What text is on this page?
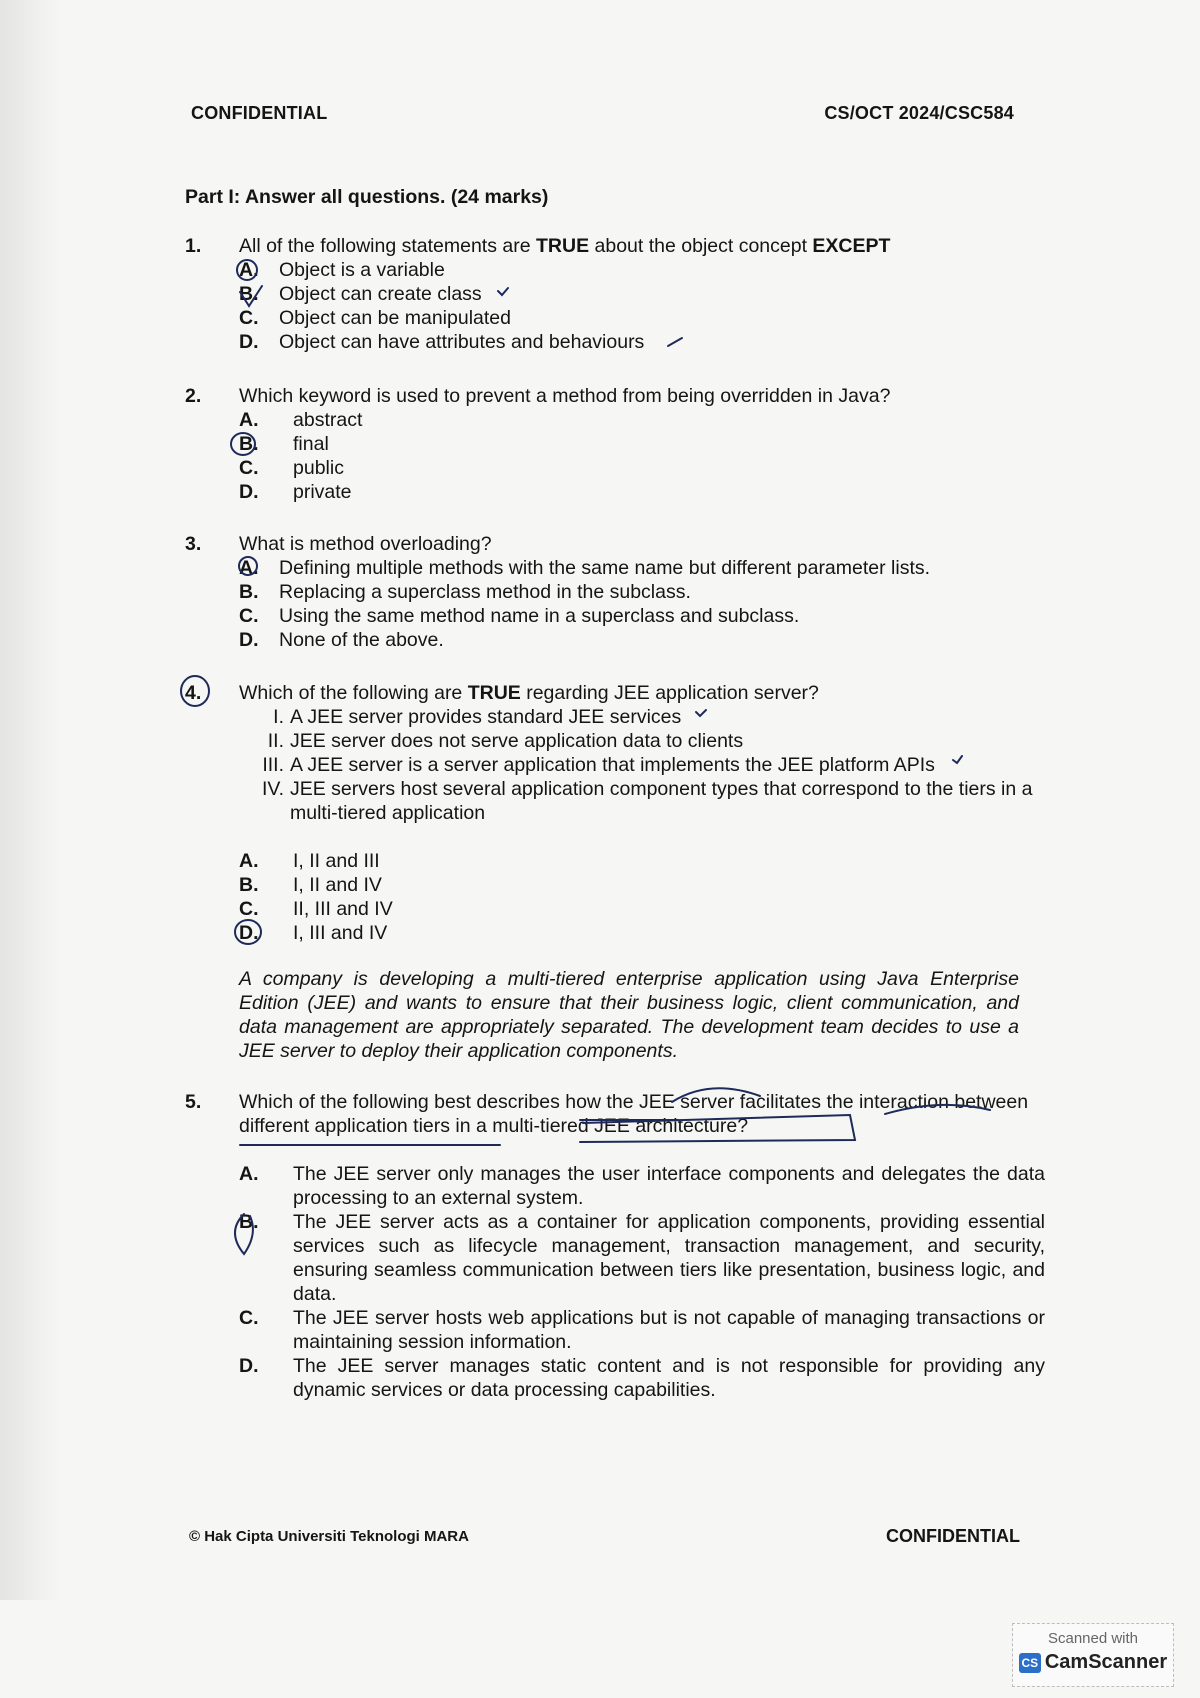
CONFIDENTIAL	CS/OCT 2024/CSC584
Part I: Answer all questions. (24 marks)
1. All of the following statements are TRUE about the object concept EXCEPT
A.	Object is a variable
B.	Object can create class
C.	Object can be manipulated
D.	Object can have attributes and behaviours
2. Which keyword is used to prevent a method from being overridden in Java?
A.	abstract
B.	final
C.	public
D.	private
3. What is method overloading?
A.	Defining multiple methods with the same name but different parameter lists.
B.	Replacing a superclass method in the subclass.
C.	Using the same method name in a superclass and subclass.
D.	None of the above.
4. Which of the following are TRUE regarding JEE application server?
I. A JEE server provides standard JEE services
II. JEE server does not serve application data to clients
III. A JEE server is a server application that implements the JEE platform APIs
IV. JEE servers host several application component types that correspond to the tiers in a multi-tiered application
A.	I, II and III
B.	I, II and IV
C.	II, III and IV
D.	I, III and IV
A company is developing a multi-tiered enterprise application using Java Enterprise Edition (JEE) and wants to ensure that their business logic, client communication, and data management are appropriately separated. The development team decides to use a JEE server to deploy their application components.
5. Which of the following best describes how the JEE server facilitates the interaction between different application tiers in a multi-tiered JEE architecture?
A.	The JEE server only manages the user interface components and delegates the data processing to an external system.
B.	The JEE server acts as a container for application components, providing essential services such as lifecycle management, transaction management, and security, ensuring seamless communication between tiers like presentation, business logic, and data.
C.	The JEE server hosts web applications but is not capable of managing transactions or maintaining session information.
D.	The JEE server manages static content and is not responsible for providing any dynamic services or data processing capabilities.
© Hak Cipta Universiti Teknologi MARA	CONFIDENTIAL
Scanned with
CS CamScanner
